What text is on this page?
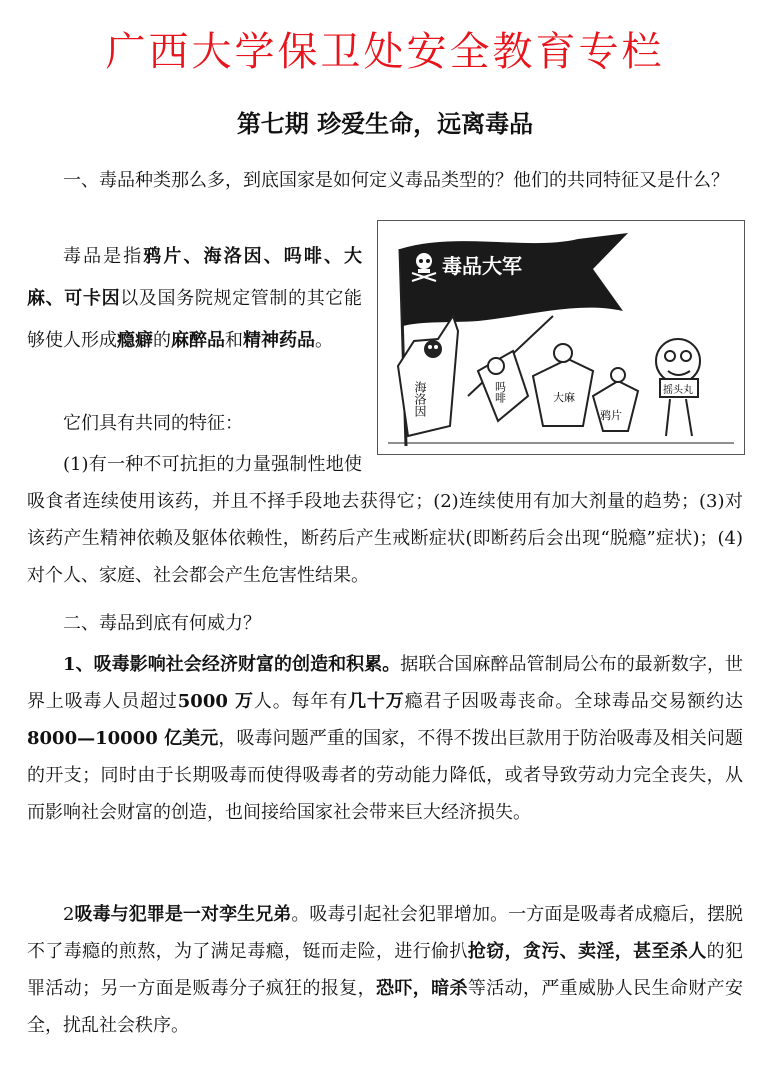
广西大学保卫处安全教育专栏
第七期 珍爱生命，远离毒品

一、毒品种类那么多，到底国家是如何定义毒品类型的？他们的共同特征又是什么？

毒品是指鸦片、海洛因、吗啡、大麻、可卡因以及国务院规定管制的其它能够使人形成瘾癖的麻醉品和精神药品。

它们具有共同的特征：

(1)有一种不可抗拒的力量强制性地使吸食者连续使用该药，并且不择手段地去获得它；(2)连续使用有加大剂量的趋势；(3)对该药产生精神依赖及躯体依赖性，断药后产生戒断症状(即断药后会出现“脱瘾”症状)；(4)对个人、家庭、社会都会产生危害性结果。

毒品大军
海洛因	吗啡	大麻
鸦片
摇头丸

二、毒品到底有何威力？

1、吸毒影响社会经济财富的创造和积累。据联合国麻醉品管制局公布的最新数字，世界上吸毒人员超过5000 万人。每年有几十万瘾君子因吸毒丧命。全球毒品交易额约达8000—10000 亿美元，吸毒问题严重的国家，不得不拨出巨款用于防治吸毒及相关问题的开支；同时由于长期吸毒而使得吸毒者的劳动能力降低，或者导致劳动力完全丧失，从而影响社会财富的创造，也间接给国家社会带来巨大经济损失。

2吸毒与犯罪是一对孪生兄弟。吸毒引起社会犯罪增加。一方面是吸毒者成瘾后，摆脱不了毒瘾的煎熬，为了满足毒瘾，铤而走险，进行偷扒抢窃，贪污、卖淫，甚至杀人的犯罪活动；另一方面是贩毒分子疯狂的报复，恐吓，暗杀等活动，严重威胁人民生命财产安全，扰乱社会秩序。
